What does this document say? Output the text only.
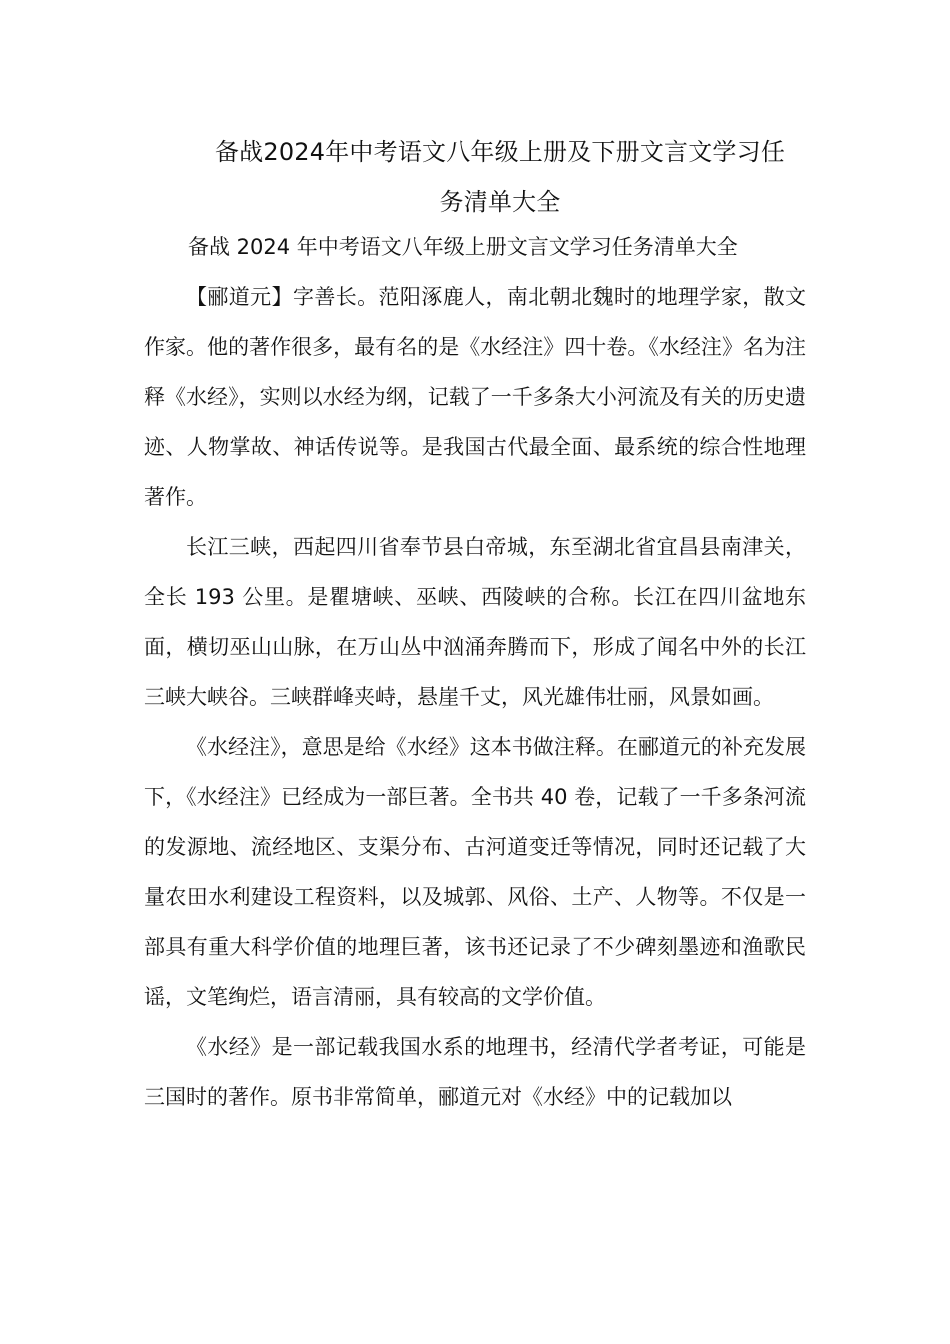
备战2024年中考语文八年级上册及下册文言文学习任
务清单大全

备战 2024 年中考语文八年级上册文言文学习任务清单大全

【郦道元】字善长。范阳涿鹿人，南北朝北魏时的地理学家，散文作家。他的著作很多，最有名的是《水经注》四十卷。《水经注》名为注释《水经》，实则以水经为纲，记载了一千多条大小河流及有关的历史遗迹、人物掌故、神话传说等。是我国古代最全面、最系统的综合性地理著作。

长江三峡，西起四川省奉节县白帝城，东至湖北省宜昌县南津关，全长 193 公里。是瞿塘峡、巫峡、西陵峡的合称。长江在四川盆地东面，横切巫山山脉，在万山丛中汹涌奔腾而下，形成了闻名中外的长江三峡大峡谷。三峡群峰夹峙，悬崖千丈，风光雄伟壮丽，风景如画。

《水经注》，意思是给《水经》这本书做注释。在郦道元的补充发展下，《水经注》已经成为一部巨著。全书共 40 卷，记载了一千多条河流的发源地、流经地区、支渠分布、古河道变迁等情况，同时还记载了大量农田水利建设工程资料，以及城郭、风俗、土产、人物等。不仅是一部具有重大科学价值的地理巨著，该书还记录了不少碑刻墨迹和渔歌民谣，文笔绚烂，语言清丽，具有较高的文学价值。

《水经》是一部记载我国水系的地理书，经清代学者考证，可能是三国时的著作。原书非常简单，郦道元对《水经》中的记载加以
